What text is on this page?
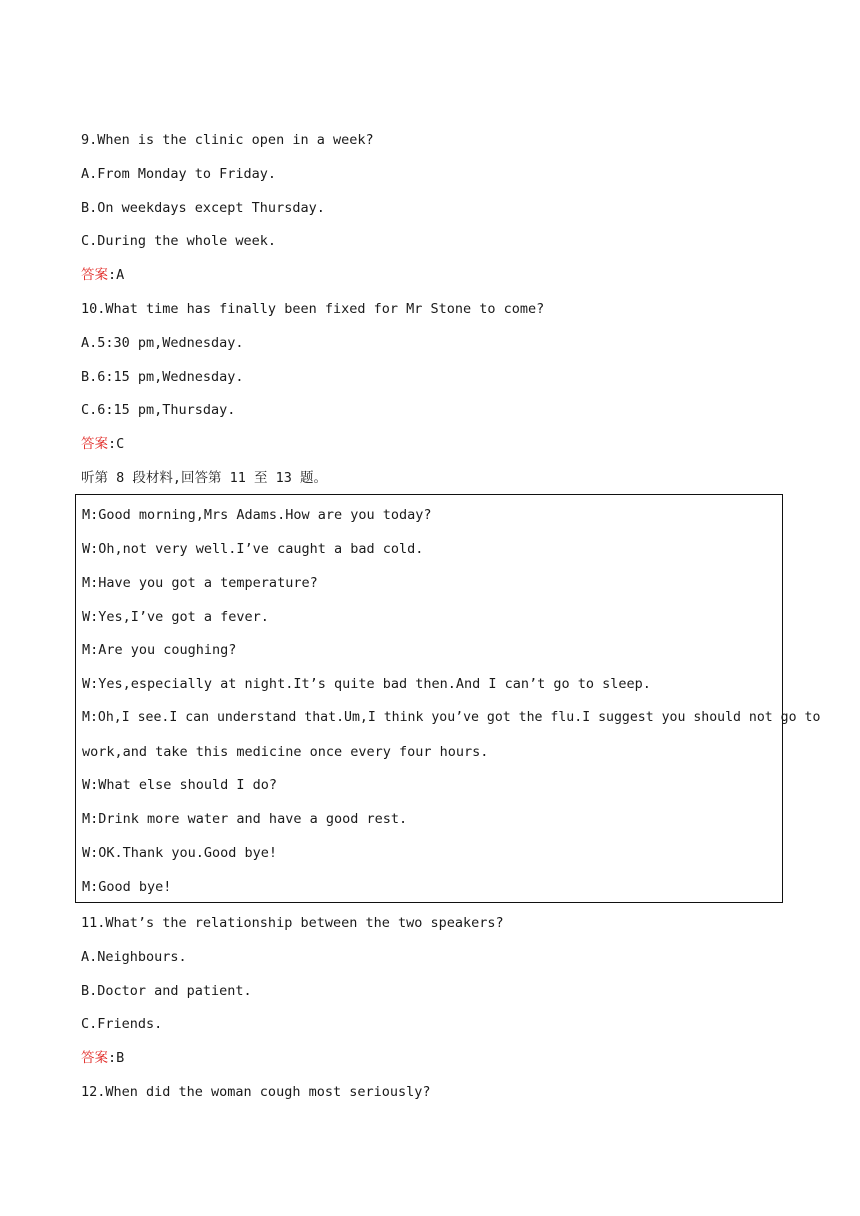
9.When is the clinic open in a week?
A.From Monday to Friday.
B.On weekdays except Thursday.
C.During the whole week.
答案:A
10.What time has finally been fixed for Mr Stone to come?
A.5:30 pm,Wednesday.
B.6:15 pm,Wednesday.
C.6:15 pm,Thursday.
答案:C
听第 8 段材料,回答第 11 至 13 题。
M:Good morning,Mrs Adams.How are you today?
W:Oh,not very well.I’ve caught a bad cold.
M:Have you got a temperature?
W:Yes,I’ve got a fever.
M:Are you coughing?
W:Yes,especially at night.It’s quite bad then.And I can’t go to sleep.
M:Oh,I see.I can understand that.Um,I think you’ve got the flu.I suggest you should not go to
work,and take this medicine once every four hours.
W:What else should I do?
M:Drink more water and have a good rest.
W:OK.Thank you.Good bye!
M:Good bye!
11.What’s the relationship between the two speakers?
A.Neighbours.
B.Doctor and patient.
C.Friends.
答案:B
12.When did the woman cough most seriously?
